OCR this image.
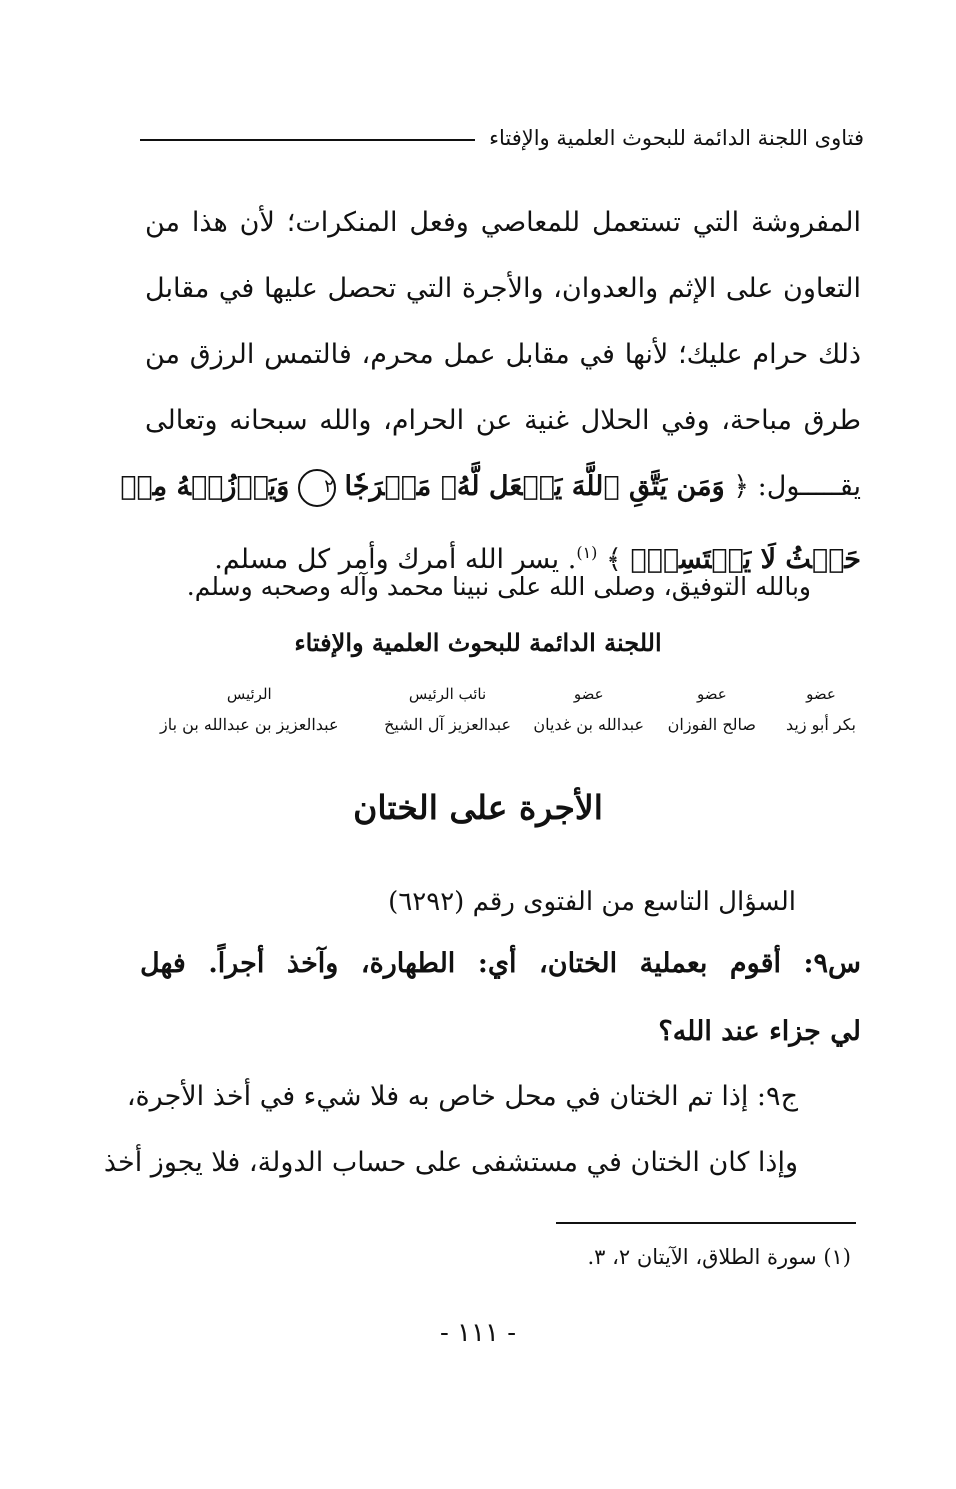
فتاوى اللجنة الدائمة للبحوث العلمية والإفتاء
المفروشة التي تستعمل للمعاصي وفعل المنكرات؛ لأن هذا من
التعاون على الإثم والعدوان، والأجرة التي تحصل عليها في مقابل
ذلك حرام عليك؛ لأنها في مقابل عمل محرم، فالتمس الرزق من
طرق مباحة، وفي الحلال غنية عن الحرام، والله سبحانه وتعالى
يقـــــول: ﴿ وَمَن يَتَّقِ ٱللَّهَ يَجۡعَل لَّهُۥ مَخۡرَجٗا ٢ وَيَرۡزُقۡهُ مِنۡ
حَيۡثُ لَا يَحۡتَسِبُۚ ﴾ $^{(١)}$. يسر الله أمرك وأمر كل مسلم.
وبالله التوفيق، وصلى الله على نبينا محمد وآله وصحبه وسلم.
اللجنة الدائمة للبحوث العلمية والإفتاء
عضو
بكر أبو زيد
عضو
صالح الفوزان
عضو
عبدالله بن غديان
نائب الرئيس
عبدالعزيز آل الشيخ
الرئيس
عبدالعزيز بن عبدالله بن باز
الأجرة على الختان
السؤال التاسع من الفتوى رقم (٦٢٩٢)
س٩: أقوم بعملية الختان، أي: الطهارة، وآخذ أجراً. فهل
لي جزاء عند الله؟
ج٩: إذا تم الختان في محل خاص به فلا شيء في أخذ الأجرة،
وإذا كان الختان في مستشفى على حساب الدولة، فلا يجوز أخذ
(١) سورة الطلاق، الآيتان ٢، ٣.
- ١١١ -
